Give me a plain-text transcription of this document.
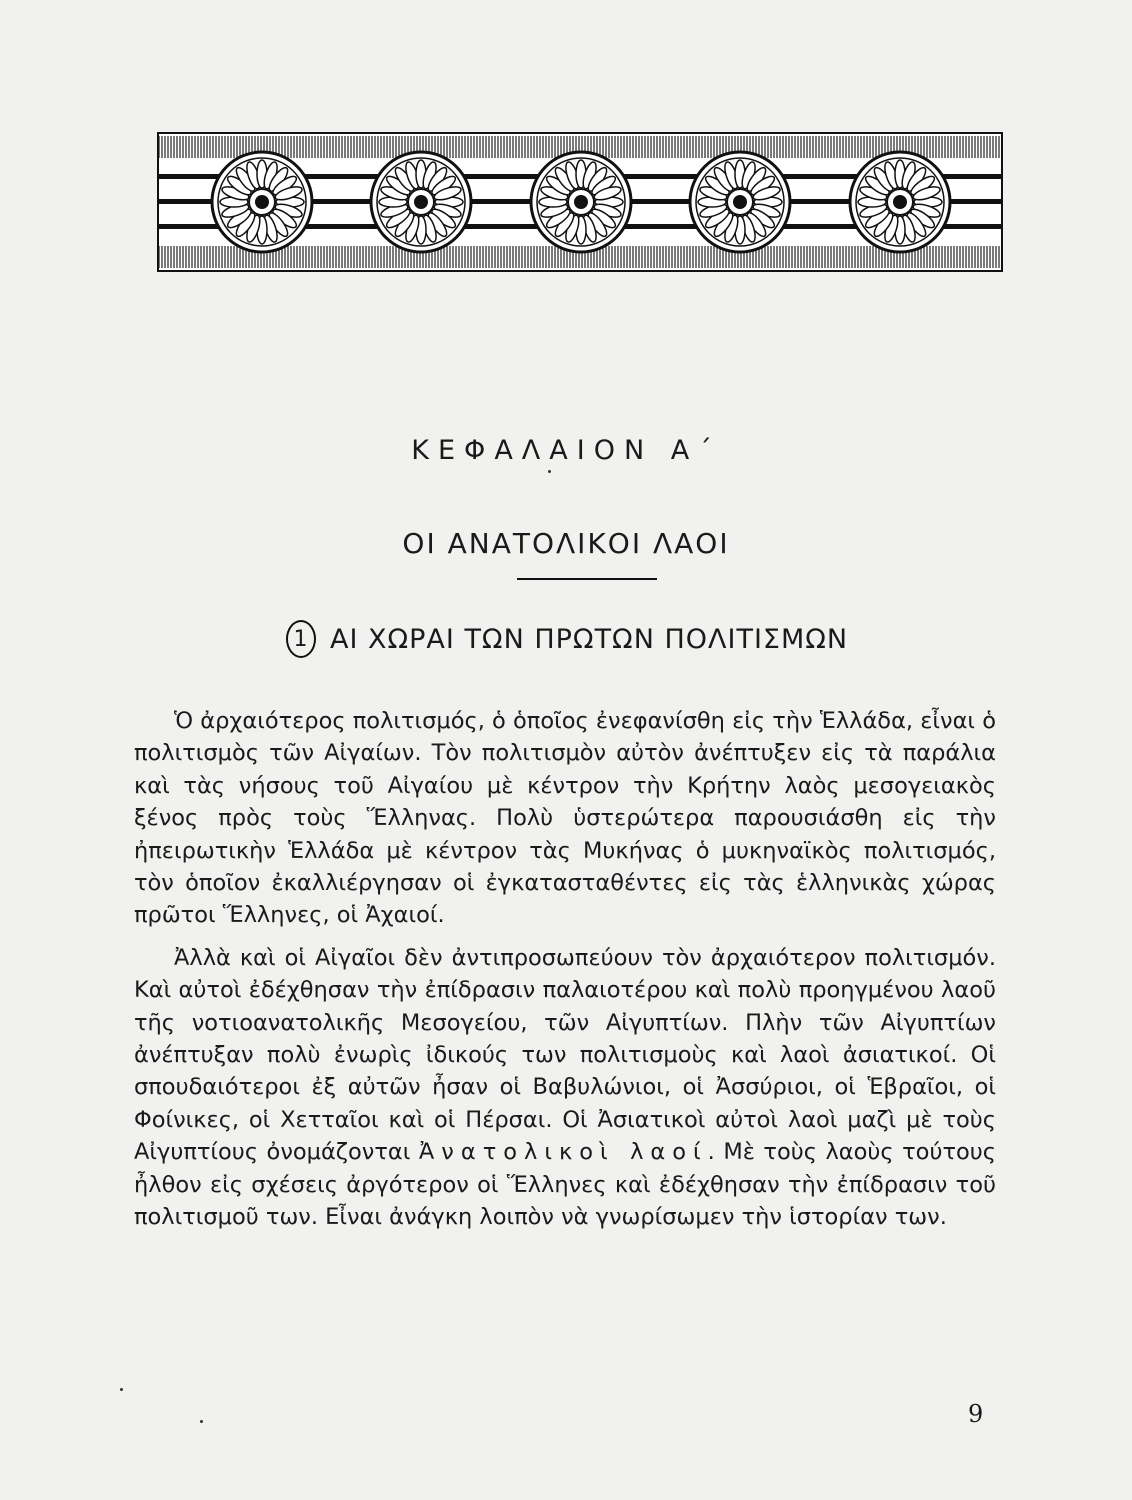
ΚΕΦΑΛΑΙΟΝ Α΄
ΟΙ ΑΝΑΤΟΛΙΚΟΙ ΛΑΟΙ
1 ΑΙ ΧΩΡΑΙ ΤΩΝ ΠΡΩΤΩΝ ΠΟΛΙΤΙΣΜΩΝ

Ὁ ἀρχαιότερος πολιτισμός, ὁ ὁποῖος ἐνεφανίσθη εἰς τὴν Ἑλλάδα, εἶναι ὁ πολιτισμὸς τῶν Αἰγαίων. Τὸν πολιτισμὸν αὐτὸν ἀνέπτυξεν εἰς τὰ παράλια καὶ τὰς νήσους τοῦ Αἰγαίου μὲ κέντρον τὴν Κρήτην λαὸς μεσογειακὸς ξένος πρὸς τοὺς Ἕλληνας. Πολὺ ὑστερώτερα παρουσιάσθη εἰς τὴν ἠπειρωτικὴν Ἑλλάδα μὲ κέντρον τὰς Μυκήνας ὁ μυκηναϊκὸς πολιτισμός, τὸν ὁποῖον ἐκαλλιέργησαν οἱ ἐγκατασταθέντες εἰς τὰς ἑλληνικὰς χώρας πρῶτοι Ἕλληνες, οἱ Ἀχαιοί.

Ἀλλὰ καὶ οἱ Αἰγαῖοι δὲν ἀντιπροσωπεύουν τὸν ἀρχαιότερον πολιτισμόν. Καὶ αὐτοὶ ἐδέχθησαν τὴν ἐπίδρασιν παλαιοτέρου καὶ πολὺ προηγμένου λαοῦ τῆς νοτιοανατολικῆς Μεσογείου, τῶν Αἰγυπτίων. Πλὴν τῶν Αἰγυπτίων ἀνέπτυξαν πολὺ ἐνωρὶς ἰδικούς των πολιτισμοὺς καὶ λαοὶ ἀσιατικοί. Οἱ σπουδαιότεροι ἐξ αὐτῶν ἦσαν οἱ Βαβυλώνιοι, οἱ Ἀσσύριοι, οἱ Ἑβραῖοι, οἱ Φοίνικες, οἱ Χετταῖοι καὶ οἱ Πέρσαι. Οἱ Ἀσιατικοὶ αὐτοὶ λαοὶ μαζὶ μὲ τοὺς Αἰγυπτίους ὀνομάζονται Ἀνατολικοὶ λαοί. Μὲ τοὺς λαοὺς τούτους ἦλθον εἰς σχέσεις ἀργότερον οἱ Ἕλληνες καὶ ἐδέχθησαν τὴν ἐπίδρασιν τοῦ πολιτισμοῦ των. Εἶναι ἀνάγκη λοιπὸν νὰ γνωρίσωμεν τὴν ἱστορίαν των.

9
